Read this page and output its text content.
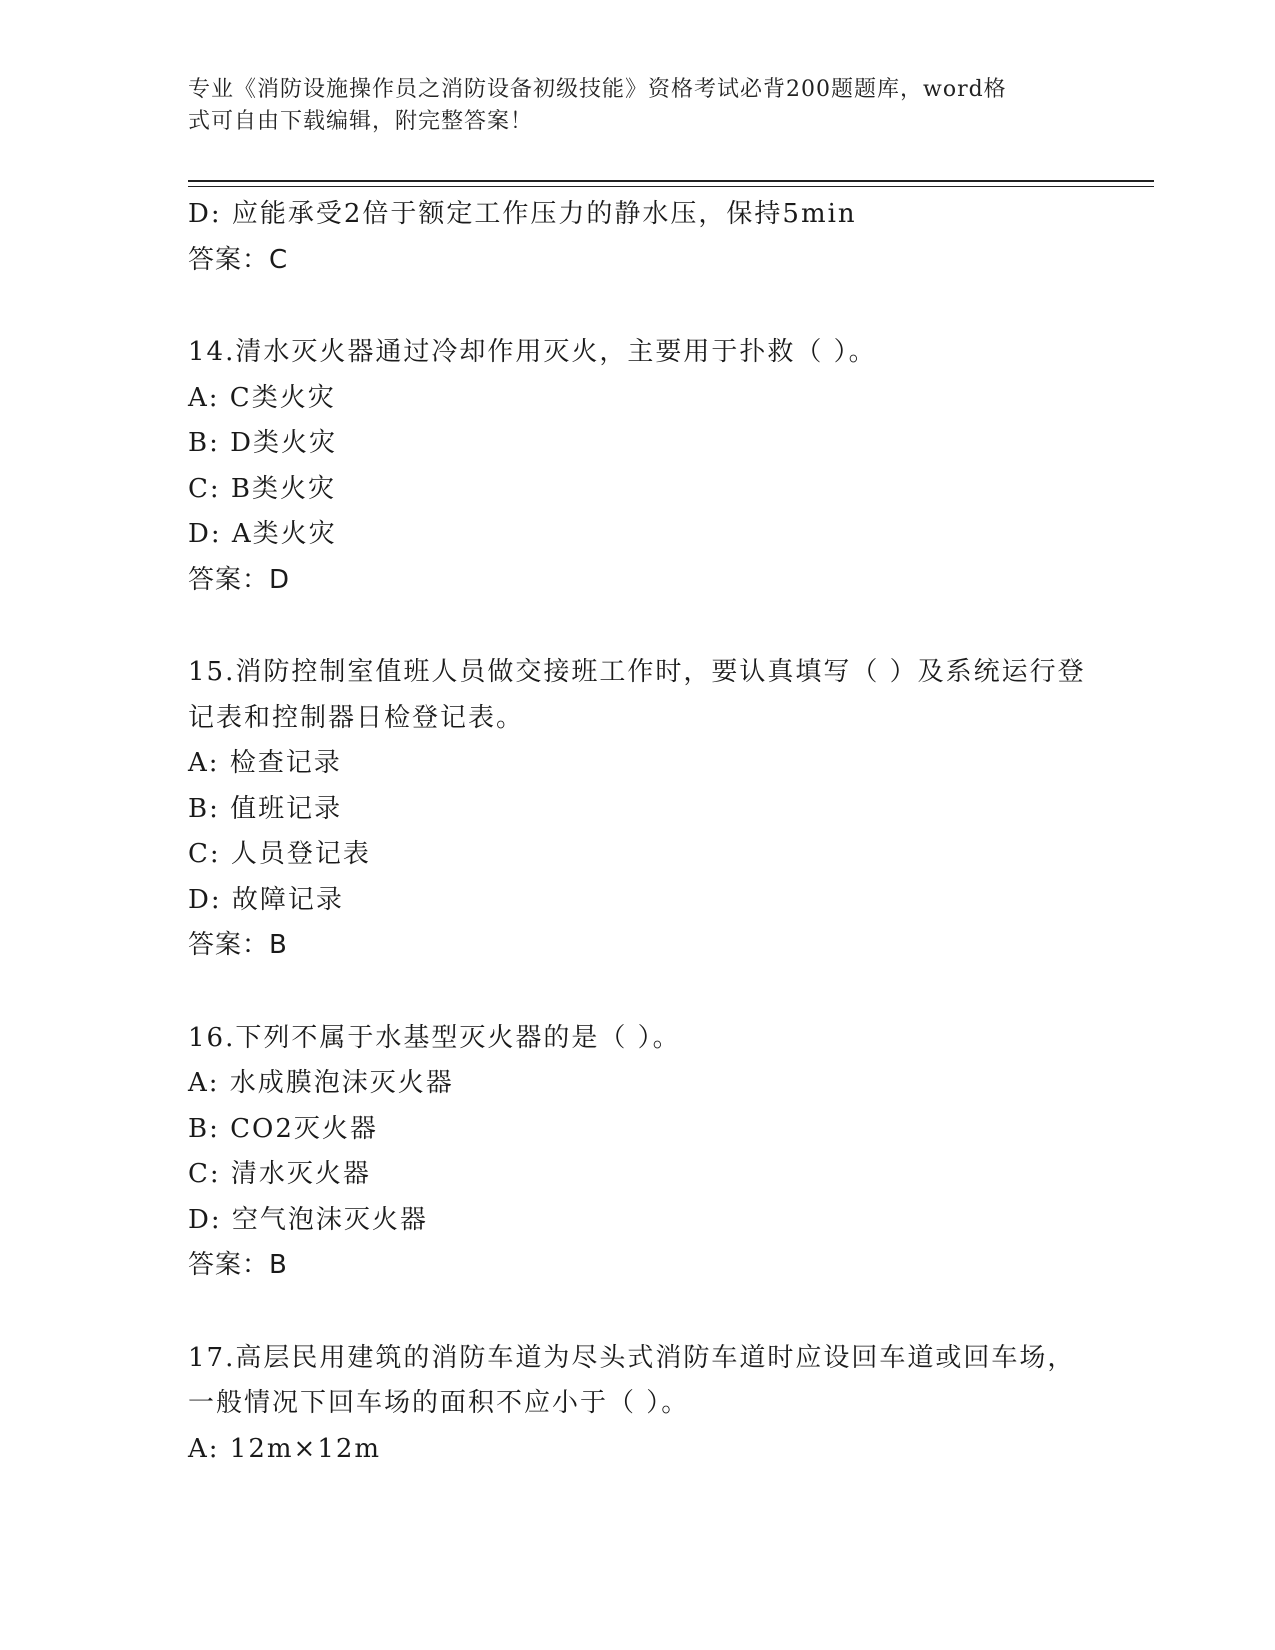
专业《消防设施操作员之消防设备初级技能》资格考试必背200题题库，word格
式可自由下载编辑，附完整答案！
D: 应能承受2倍于额定工作压力的静水压，保持5min
答案：C
14.清水灭火器通过冷却作用灭火，主要用于扑救（ ）。
A: C类火灾
B: D类火灾
C: B类火灾
D: A类火灾
答案：D
15.消防控制室值班人员做交接班工作时，要认真填写（ ）及系统运行登记表和控制器日检登记表。
A: 检查记录
B: 值班记录
C: 人员登记表
D: 故障记录
答案：B
16.下列不属于水基型灭火器的是（ ）。
A: 水成膜泡沫灭火器
B: CO2灭火器
C: 清水灭火器
D: 空气泡沫灭火器
答案：B
17.高层民用建筑的消防车道为尽头式消防车道时应设回车道或回车场，一般情况下回车场的面积不应小于（ ）。
A: 12m×12m
